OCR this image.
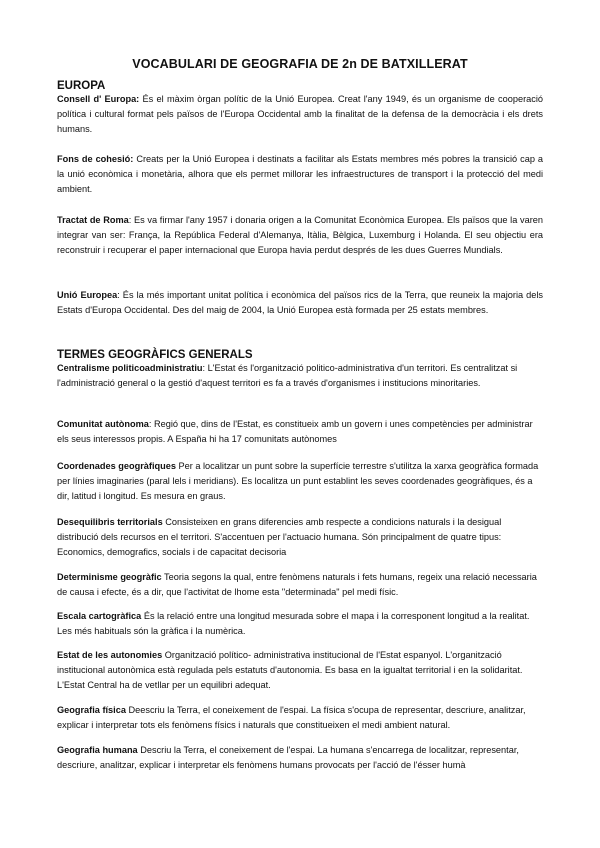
VOCABULARI DE GEOGRAFIA DE 2n DE BATXILLERAT
EUROPA
Consell d' Europa: És el màxim òrgan polític de la Unió Europea. Creat l'any 1949, és un organisme de cooperació política i cultural format pels països de l'Europa Occidental amb la finalitat de la defensa de la democràcia i els drets humans.
Fons de cohesió: Creats per la Unió Europea i destinats a facilitar als Estats membres més pobres la transició cap a la unió econòmica i monetària, alhora que els permet millorar les infraestructures de transport i la protecció del medi ambient.
Tractat de Roma: Es va firmar l'any 1957 i donaria origen a la Comunitat Econòmica Europea. Els països que la varen integrar van ser: França, la República Federal d'Alemanya, Itàlia, Bèlgica, Luxemburg i Holanda. El seu objectiu era reconstruir i recuperar el paper internacional que Europa havia perdut després de les dues Guerres Mundials.
Unió Europea: És la més important unitat política i econòmica del països rics de la Terra, que reuneix la majoria dels Estats d'Europa Occidental. Des del maig de 2004, la Unió Europea està formada per 25 estats membres.
TERMES GEOGRÀFICS GENERALS
Centralisme politicoadministratiu: L'Estat és l'organització politico-administrativa d'un territori. Es centralitzat si l'administració general o la gestió d'aquest territori es fa a través d'organismes i institucions minoritaries.
Comunitat autònoma: Regió que, dins de l'Estat, es constitueix amb un govern i unes competències per administrar els seus interessos propis. A España hi ha 17 comunitats autònomes
Coordenades geogràfiques Per a localitzar un punt sobre la superfície terrestre s'utilitza la xarxa geogràfica formada per línies imaginaries (paral lels i meridians). Es localitza un punt establint les seves coordenades geogràfiques, és a dir, latitud i longitud. Es mesura en graus.
Desequilibris territorials Consisteixen en grans diferencies amb respecte a condicions naturals i la desigual distribució dels recursos en el territori. S'accentuen per l'actuacio humana. Són principalment de quatre tipus: Economics, demografics, socials i de capacitat decisoria
Determinisme geogràfic Teoria segons la qual, entre fenòmens naturals i fets humans, regeix una relació necessaria de causa i efecte, és a dir, que l'activitat de lhome esta "determinada" pel medi físic.
Escala cartogràfica És la relació entre una longitud mesurada sobre el mapa i la corresponent longitud a la realitat. Les més habituals són la gràfica i la numèrica.
Estat de les autonomies Organització político- administrativa institucional de l'Estat espanyol. L'organització institucional autonòmica està regulada pels estatuts d'autonomia. Es basa en la igualtat territorial i en la solidaritat. L'Estat Central ha de vetllar per un equilibri adequat.
Geografia física Deescriu la Terra, el coneixement de l'espai. La física s'ocupa de representar, descriure, analitzar, explicar i interpretar tots els fenòmens físics i naturals que constitueixen el medi ambient natural.
Geografia humana Descriu la Terra, el coneixement de l'espai. La humana s'encarrega de localitzar, representar, descriure, analitzar, explicar i interpretar els fenòmens humans provocats per l'acció de l'ésser humà
